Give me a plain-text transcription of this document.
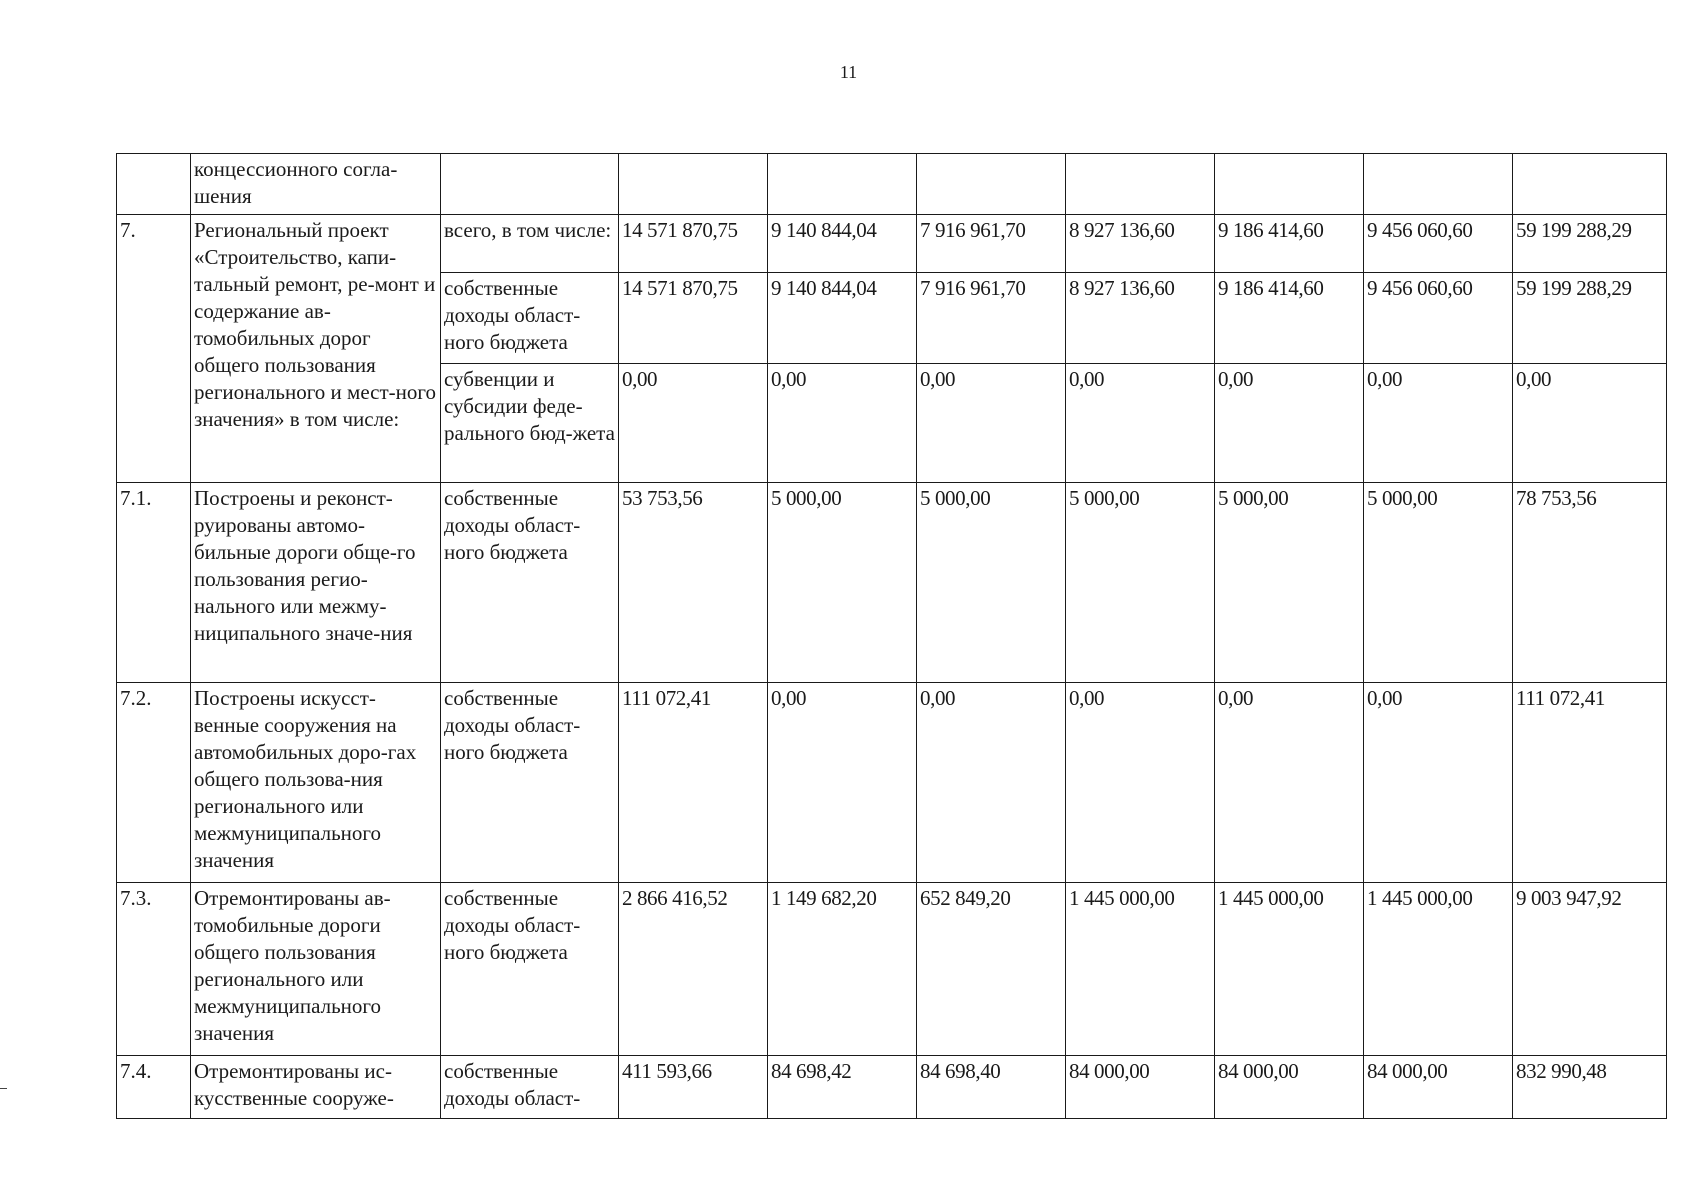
11
	концессионного согла-шения								
7.	Региональный проект «Строительство, капи-тальный ремонт, ре-монт и содержание ав-томобильных дорог общего пользования регионального и мест-ного значения» в том числе:	всего, в том числе:	14 571 870,75	9 140 844,04	7 916 961,70	8 927 136,60	9 186 414,60	9 456 060,60	59 199 288,29
		собственные доходы област-ного бюджета	14 571 870,75	9 140 844,04	7 916 961,70	8 927 136,60	9 186 414,60	9 456 060,60	59 199 288,29
		субвенции и субсидии феде-рального бюд-жета	0,00	0,00	0,00	0,00	0,00	0,00	0,00
7.1.	Построены и реконст-руированы автомо-бильные дороги обще-го пользования регио-нального или межму-ниципального значе-ния	собственные доходы област-ного бюджета	53 753,56	5 000,00	5 000,00	5 000,00	5 000,00	5 000,00	78 753,56
7.2.	Построены искусст-венные сооружения на автомобильных доро-гах общего пользова-ния регионального или межмуниципального значения	собственные доходы област-ного бюджета	111 072,41	0,00	0,00	0,00	0,00	0,00	111 072,41
7.3.	Отремонтированы ав-томобильные дороги общего пользования регионального или межмуниципального значения	собственные доходы област-ного бюджета	2 866 416,52	1 149 682,20	652 849,20	1 445 000,00	1 445 000,00	1 445 000,00	9 003 947,92
7.4.	Отремонтированы ис-кусственные сооруже-	собственные доходы област-	411 593,66	84 698,42	84 698,40	84 000,00	84 000,00	84 000,00	832 990,48
